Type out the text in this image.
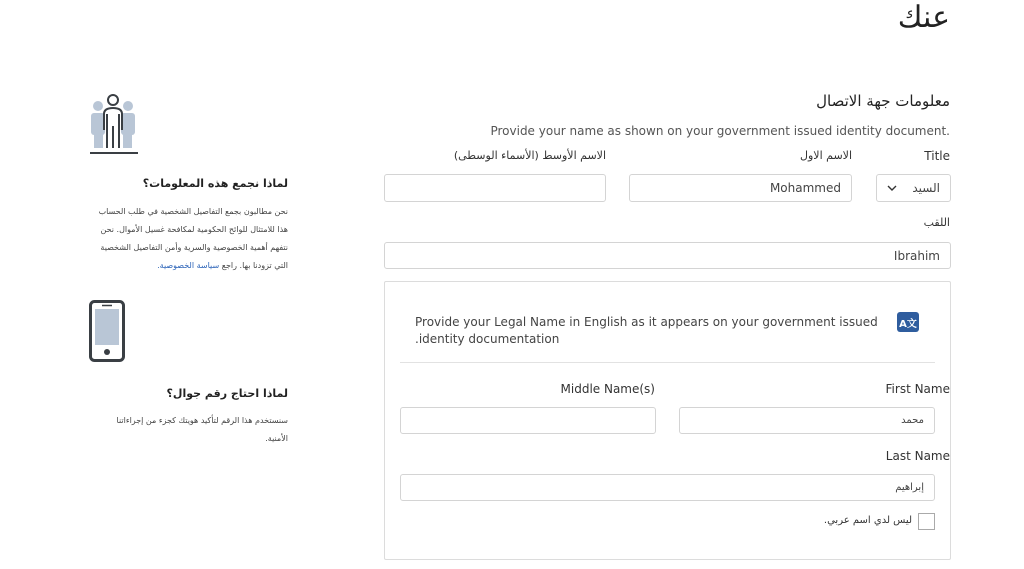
عنك
معلومات جهة الاتصال
Provide your name as shown on your government issued identity document.
Title
الاسم الاول
الاسم الأوسط (الأسماء الوسطى)
السيد
Mohammed
اللقب
Ibrahim
Provide your Legal Name in English as it appears on your government issued
.identity documentation
A文
First Name
Middle Name(s)
محمد
Last Name
إبراهيم
ليس لدي اسم عربي.
لماذا نجمع هذه المعلومات؟
نحن مطالبون بجمع التفاصيل الشخصية في طلب الحساب
هذا للامتثال للوائح الحكومية لمكافحة غسيل الأموال. نحن
نتفهم أهمية الخصوصية والسرية وأمن التفاصيل الشخصية
التي تزودنا بها. راجع سياسة الخصوصية.
لماذا احتاج رقم جوال؟
سنستخدم هذا الرقم لتأكيد هويتك كجزء من إجراءاتنا
الأمنية.
